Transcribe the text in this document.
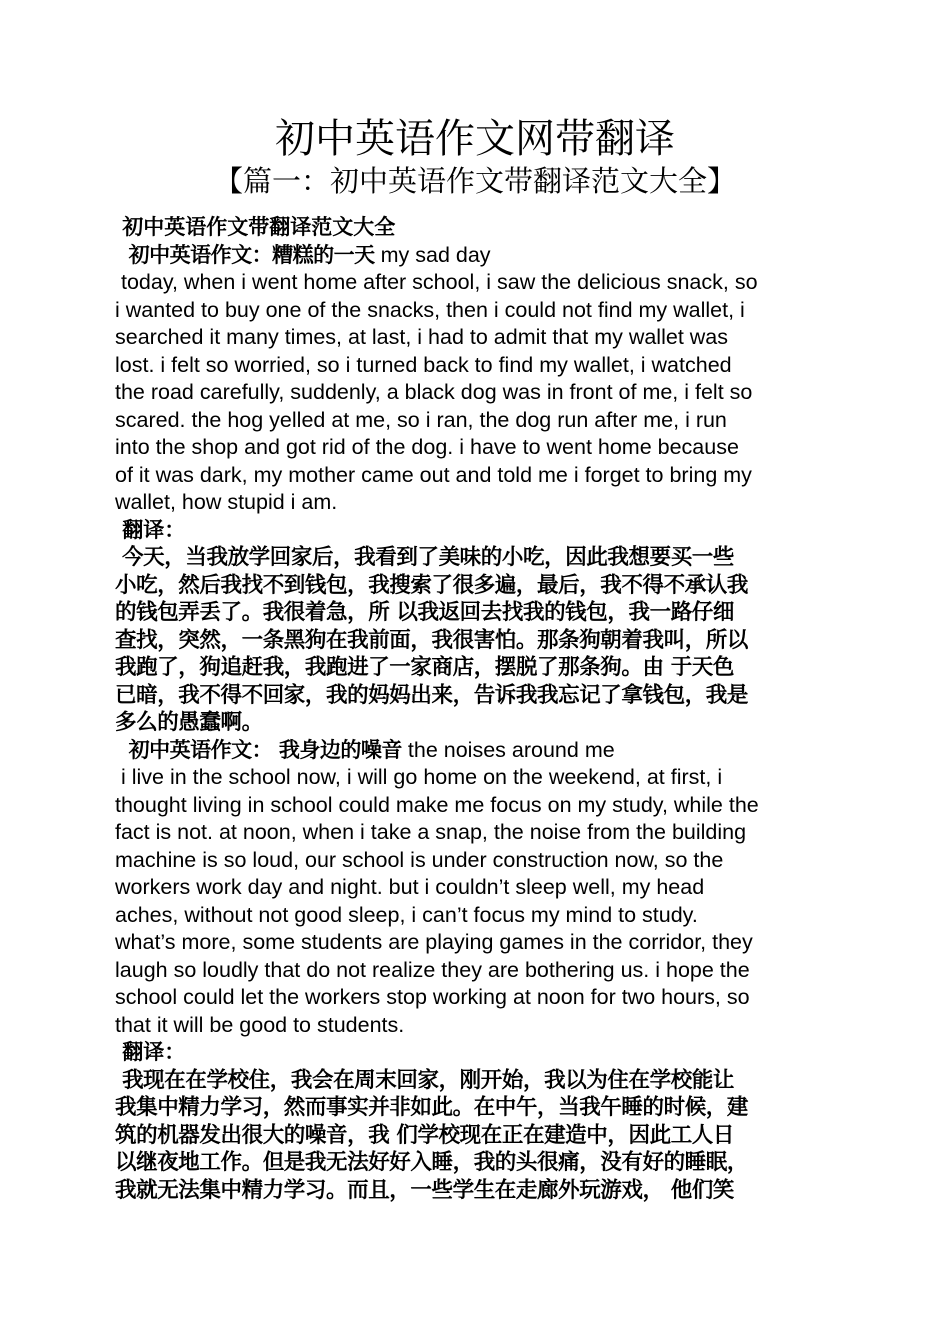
初中英语作文网带翻译
【篇一：初中英语作文带翻译范文大全】
初中英语作文带翻译范文大全
初中英语作文：糟糕的一天 my sad day
today, when i went home after school, i saw the delicious snack, so
i wanted to buy one of the snacks, then i could not find my wallet, i
searched it many times, at last, i had to admit that my wallet was
lost. i felt so worried, so i turned back to find my wallet, i watched
the road carefully, suddenly, a black dog was in front of me, i felt so
scared. the hog yelled at me, so i ran, the dog run after me, i run
into the shop and got rid of the dog. i have to went home because
of it was dark, my mother came out and told me i forget to bring my
wallet, how stupid i am.
翻译：
今天，当我放学回家后，我看到了美味的小吃，因此我想要买一些
小吃，然后我找不到钱包，我搜索了很多遍，最后，我不得不承认我
的钱包弄丢了。我很着急，所 以我返回去找我的钱包，我一路仔细
查找，突然，一条黑狗在我前面，我很害怕。那条狗朝着我叫，所以
我跑了，狗追赶我，我跑进了一家商店，摆脱了那条狗。由 于天色
已暗，我不得不回家，我的妈妈出来，告诉我我忘记了拿钱包，我是
多么的愚蠢啊。
初中英语作文： 我身边的噪音 the noises around me
i live in the school now, i will go home on the weekend, at first, i
thought living in school could make me focus on my study, while the
fact is not. at noon, when i take a snap, the noise from the building
machine is so loud, our school is under construction now, so the
workers work day and night. but i couldn’t sleep well, my head
aches, without not good sleep, i can’t focus my mind to study.
what’s more, some students are playing games in the corridor, they
laugh so loudly that do not realize they are bothering us. i hope the
school could let the workers stop working at noon for two hours, so
that it will be good to students.
翻译：
我现在在学校住，我会在周末回家，刚开始，我以为住在学校能让
我集中精力学习，然而事实并非如此。在中午，当我午睡的时候，建
筑的机器发出很大的噪音，我 们学校现在正在建造中，因此工人日
以继夜地工作。但是我无法好好入睡，我的头很痛，没有好的睡眠，
我就无法集中精力学习。而且，一些学生在走廊外玩游戏， 他们笑
